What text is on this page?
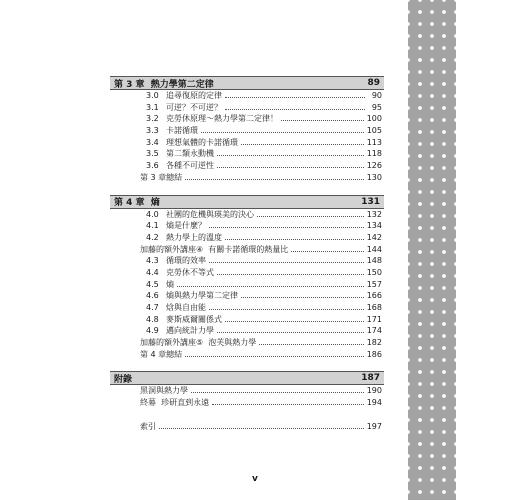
第 3 章  熱力學第二定律	89
3.0 追尋復原的定律	90
3.1 可逆？不可逆？	95
3.2 克勞休原理～熱力學第二定律！	100
3.3 卡諾循環	105
3.4 理想氣體的卡諾循環	113
3.5 第二類永動機	118
3.6 各種不可逆性	126
第 3 章總結	130
第 4 章  熵	131
4.0 社團的危機與瑛美的決心	132
4.1 熵是什麼？	134
4.2 熱力學上的溫度	142
加藤的額外講座④  有關卡諾循環的熱量比	144
4.3 循環的效率	148
4.4 克勞休不等式	150
4.5 熵	157
4.6 熵與熱力學第二定律	166
4.7 焓與自由能	168
4.8 麥斯威爾關係式	171
4.9 邁向統計力學	174
加藤的額外講座⑤  泡芙與熱力學	182
第 4 章總結	186
附錄	187
黑洞與熱力學	190
終幕  珍研直到永遠	194
索引	197
v
